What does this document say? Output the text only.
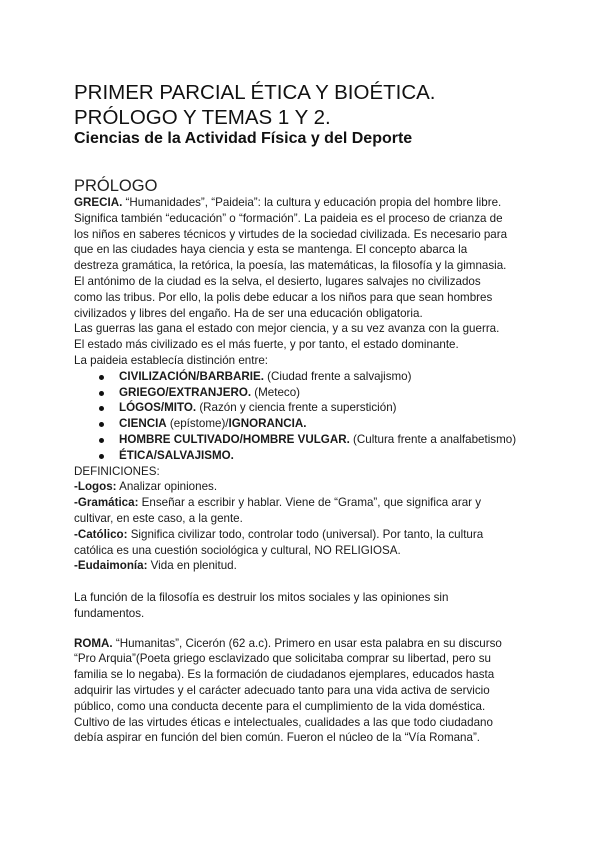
PRIMER PARCIAL ÉTICA Y BIOÉTICA.
PRÓLOGO Y TEMAS 1 Y 2.
Ciencias de la Actividad Física y del Deporte
PRÓLOGO

GRECIA. “Humanidades”, “Paideia”: la cultura y educación propia del hombre libre.

Significa también “educación” o “formación”. La paideia es el proceso de crianza de

los niños en saberes técnicos y virtudes de la sociedad civilizada. Es necesario para

que en las ciudades haya ciencia y esta se mantenga. El concepto abarca la

destreza gramática, la retórica, la poesía, las matemáticas, la filosofía y la gimnasia.

El antónimo de la ciudad es la selva, el desierto, lugares salvajes no civilizados

como las tribus. Por ello, la polis debe educar a los niños para que sean hombres

civilizados y libres del engaño. Ha de ser una educación obligatoria.

Las guerras las gana el estado con mejor ciencia, y a su vez avanza con la guerra.

El estado más civilizado es el más fuerte, y por tanto, el estado dominante.

La paideia establecía distinción entre:

CIVILIZACIÓN/BARBARIE. (Ciudad frente a salvajismo)
GRIEGO/EXTRANJERO. (Meteco)
LÓGOS/MITO. (Razón y ciencia frente a superstición)
CIENCIA (epístome)/IGNORANCIA.
HOMBRE CULTIVADO/HOMBRE VULGAR. (Cultura frente a analfabetismo)
ÉTICA/SALVAJISMO.

DEFINICIONES:

-Logos: Analizar opiniones.

-Gramática: Enseñar a escribir y hablar. Viene de “Grama”, que significa arar y

cultivar, en este caso, a la gente.

-Católico: Significa civilizar todo, controlar todo (universal). Por tanto, la cultura

católica es una cuestión sociológica y cultural, NO RELIGIOSA.

-Eudaimonía: Vida en plenitud.

La función de la filosofía es destruir los mitos sociales y las opiniones sin

fundamentos.

ROMA. “Humanitas”, Cicerón (62 a.c). Primero en usar esta palabra en su discurso

“Pro Arquia”(Poeta griego esclavizado que solicitaba comprar su libertad, pero su

familia se lo negaba). Es la formación de ciudadanos ejemplares, educados hasta

adquirir las virtudes y el carácter adecuado tanto para una vida activa de servicio

público, como una conducta decente para el cumplimiento de la vida doméstica.

Cultivo de las virtudes éticas e intelectuales, cualidades a las que todo ciudadano

debía aspirar en función del bien común. Fueron el núcleo de la “Vía Romana”.
